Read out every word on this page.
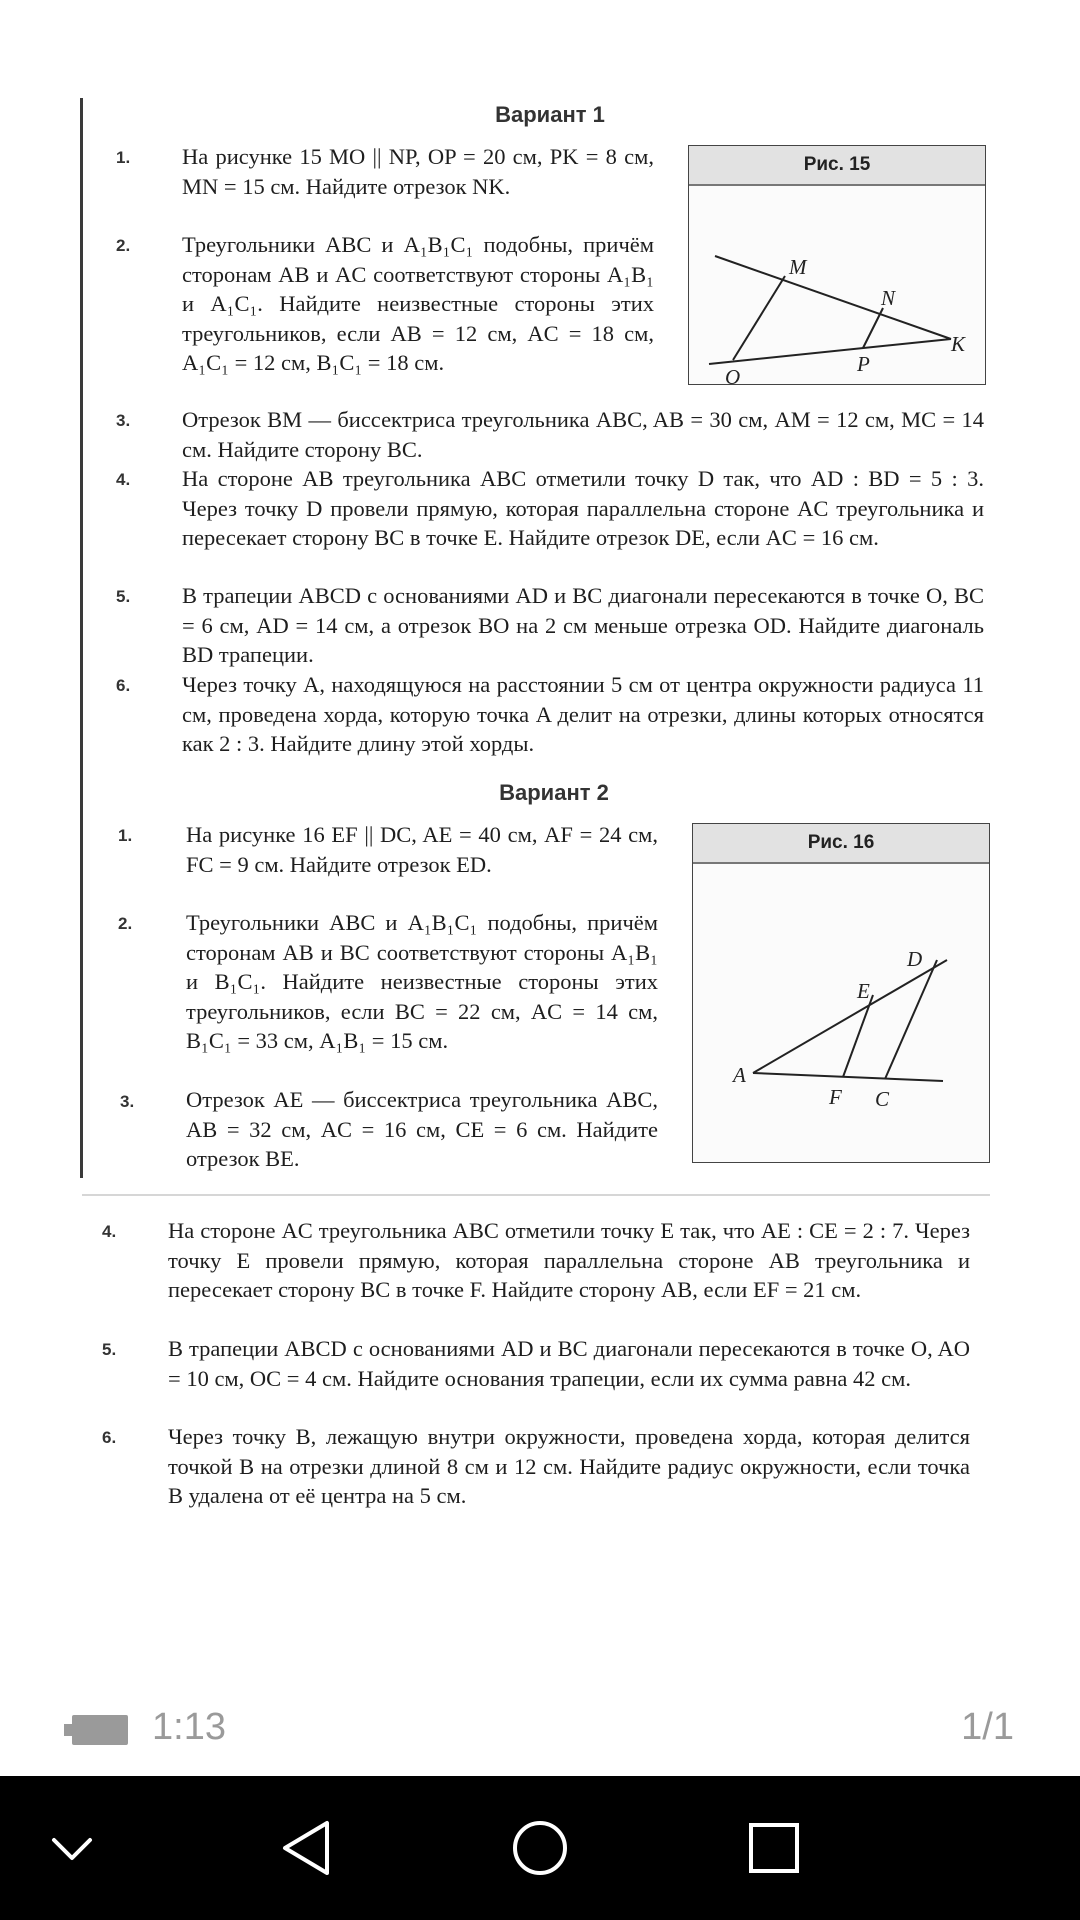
Вариант 1
1. На рисунке 15 MO || NP, OP = 20 см, PK = 8 см, MN = 15 см. Найдите отрезок NK.
2. Треугольники ABC и A₁B₁C₁ подобны, причём сторонам AB и AC соответствуют стороны A₁B₁ и A₁C₁. Найдите неизвестные стороны этих треугольников, если AB = 12 см, AC = 18 см, A₁C₁ = 12 см, B₁C₁ = 18 см.
Рис. 15
M
N
K
O
P
3. Отрезок BM — биссектриса треугольника ABC, AB = 30 см, AM = 12 см, MC = 14 см. Найдите сторону BC.
4. На стороне AB треугольника ABC отметили точку D так, что AD : BD = 5 : 3. Через точку D провели прямую, которая параллельна стороне AC треугольника и пересекает сторону BC в точке E. Найдите отрезок DE, если AC = 16 см.
5. В трапеции ABCD с основаниями AD и BC диагонали пересекаются в точке O, BC = 6 см, AD = 14 см, а отрезок BO на 2 см меньше отрезка OD. Найдите диагональ BD трапеции.
6. Через точку A, находящуюся на расстоянии 5 см от центра окружности радиуса 11 см, проведена хорда, которую точка A делит на отрезки, длины которых относятся как 2 : 3. Найдите длину этой хорды.
Вариант 2
1. На рисунке 16 EF || DC, AE = 40 см, AF = 24 см, FC = 9 см. Найдите отрезок ED.
2. Треугольники ABC и A₁B₁C₁ подобны, причём сторонам AB и BC соответствуют стороны A₁B₁ и B₁C₁. Найдите неизвестные стороны этих треугольников, если BC = 22 см, AC = 14 см, B₁C₁ = 33 см, A₁B₁ = 15 см.
Рис. 16
D
E
A
F C
3. Отрезок AE — биссектриса треугольника ABC, AB = 32 см, AC = 16 см, CE = 6 см. Найдите отрезок BE.
4. На стороне AC треугольника ABC отметили точку E так, что AE : CE = 2 : 7. Через точку E провели прямую, которая параллельна стороне AB треугольника и пересекает сторону BC в точке F. Найдите сторону AB, если EF = 21 см.
5. В трапеции ABCD с основаниями AD и BC диагонали пересекаются в точке O, AO = 10 см, OC = 4 см. Найдите основания трапеции, если их сумма равна 42 см.
6. Через точку B, лежащую внутри окружности, проведена хорда, которая делится точкой B на отрезки длиной 8 см и 12 см. Найдите радиус окружности, если точка B удалена от её центра на 5 см.
1:13	1/1
